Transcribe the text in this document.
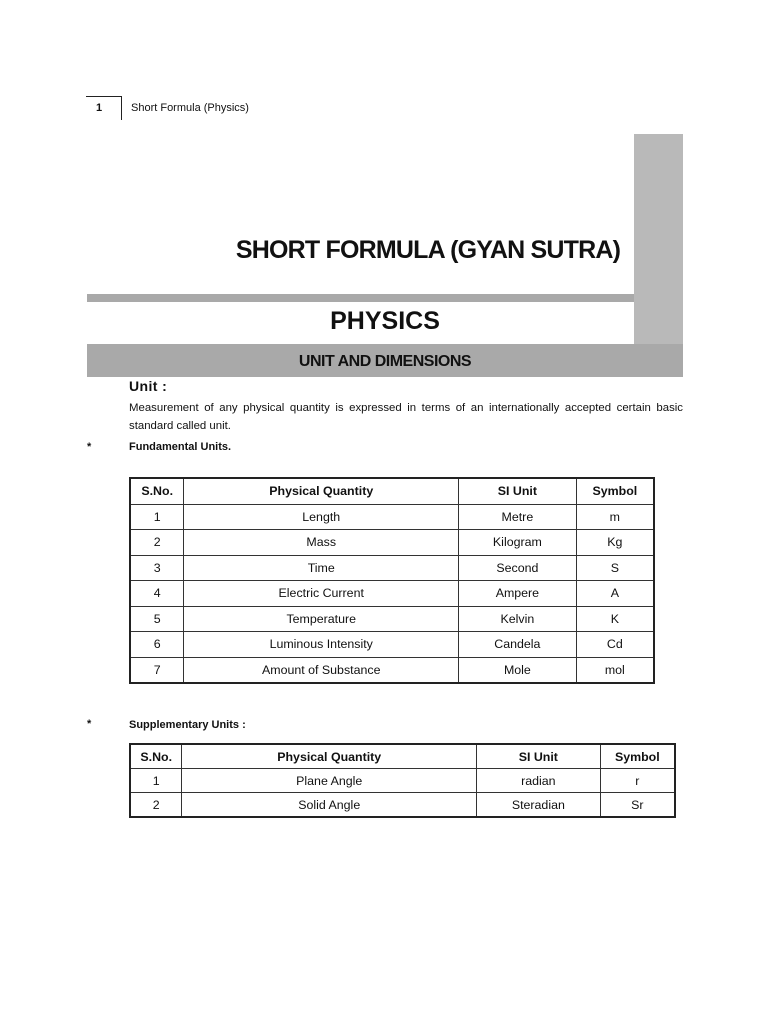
1	Short Formula (Physics)
SHORT FORMULA (GYAN SUTRA)
PHYSICS
UNIT AND DIMENSIONS
Unit :
Measurement of any physical quantity is expressed in terms of an internationally accepted certain basic standard called unit.
*	Fundamental Units.
S.No.	Physical Quantity	SI Unit	Symbol
1	Length	Metre	m
2	Mass	Kilogram	Kg
3	Time	Second	S
4	Electric Current	Ampere	A
5	Temperature	Kelvin	K
6	Luminous Intensity	Candela	Cd
7	Amount of Substance	Mole	mol
*	Supplementary Units :
S.No.	Physical Quantity	SI Unit	Symbol
1	Plane Angle	radian	r
2	Solid Angle	Steradian	Sr
